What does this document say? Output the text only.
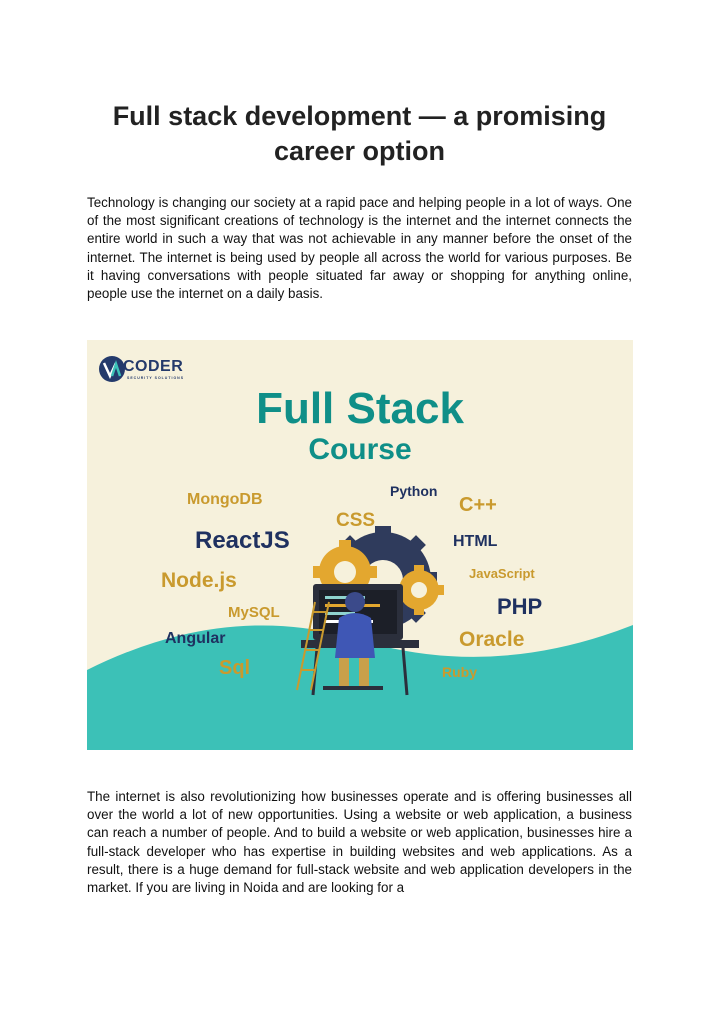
Full stack development — a promising
career option

Technology is changing our society at a rapid pace and helping people in a lot of ways. One of the most significant creations of technology is the internet and the internet connects the entire world in such a way that was not achievable in any manner before the onset of the internet. The internet is being used by people all across the world for various purposes. Be it having conversations with people situated far away or shopping for anything online, people use the internet on a daily basis.

CODER
SECURITY SOLUTIONS
Full Stack
Course
Python
MongoDB	C++
CSS
ReactJS	HTML
JavaScript
Node.js
MySQL	PHP
Angular	Oracle
Sql	Ruby

The internet is also revolutionizing how businesses operate and is offering businesses all over the world a lot of new opportunities. Using a website or web application, a business can reach a number of people. And to build a website or web application, businesses hire a full-stack developer who has expertise in building websites and web applications. As a result, there is a huge demand for full-stack website and web application developers in the market. If you are living in Noida and are looking for a
